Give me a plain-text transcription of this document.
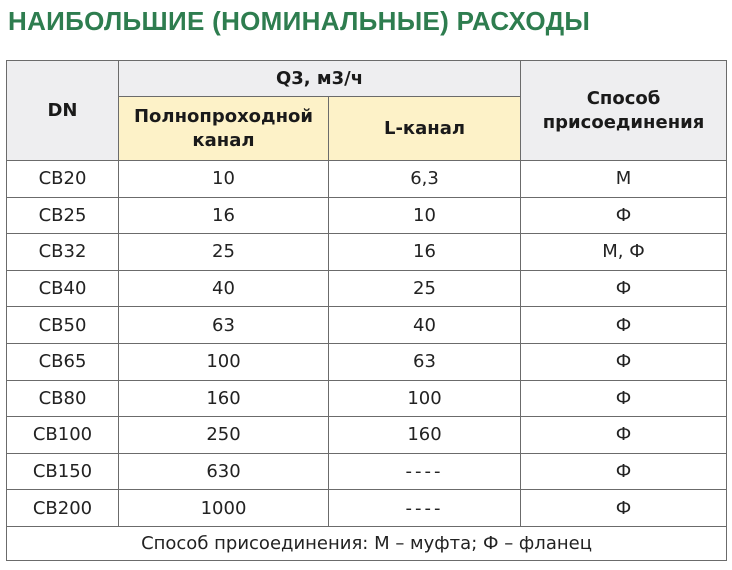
НАИБОЛЬШИЕ (НОМИНАЛЬНЫЕ) РАСХОДЫ
DN	Q3, м3/ч		Способ присоединения
	Полнопроходной канал	L-канал	
СВ20	10	6,3	М
СВ25	16	10	Ф
СВ32	25	16	М, Ф
СВ40	40	25	Ф
СВ50	63	40	Ф
СВ65	100	63	Ф
СВ80	160	100	Ф
СВ100	250	160	Ф
СВ150	630	----	Ф
СВ200	1000	----	Ф
Способ присоединения: М – муфта; Ф – фланец			
